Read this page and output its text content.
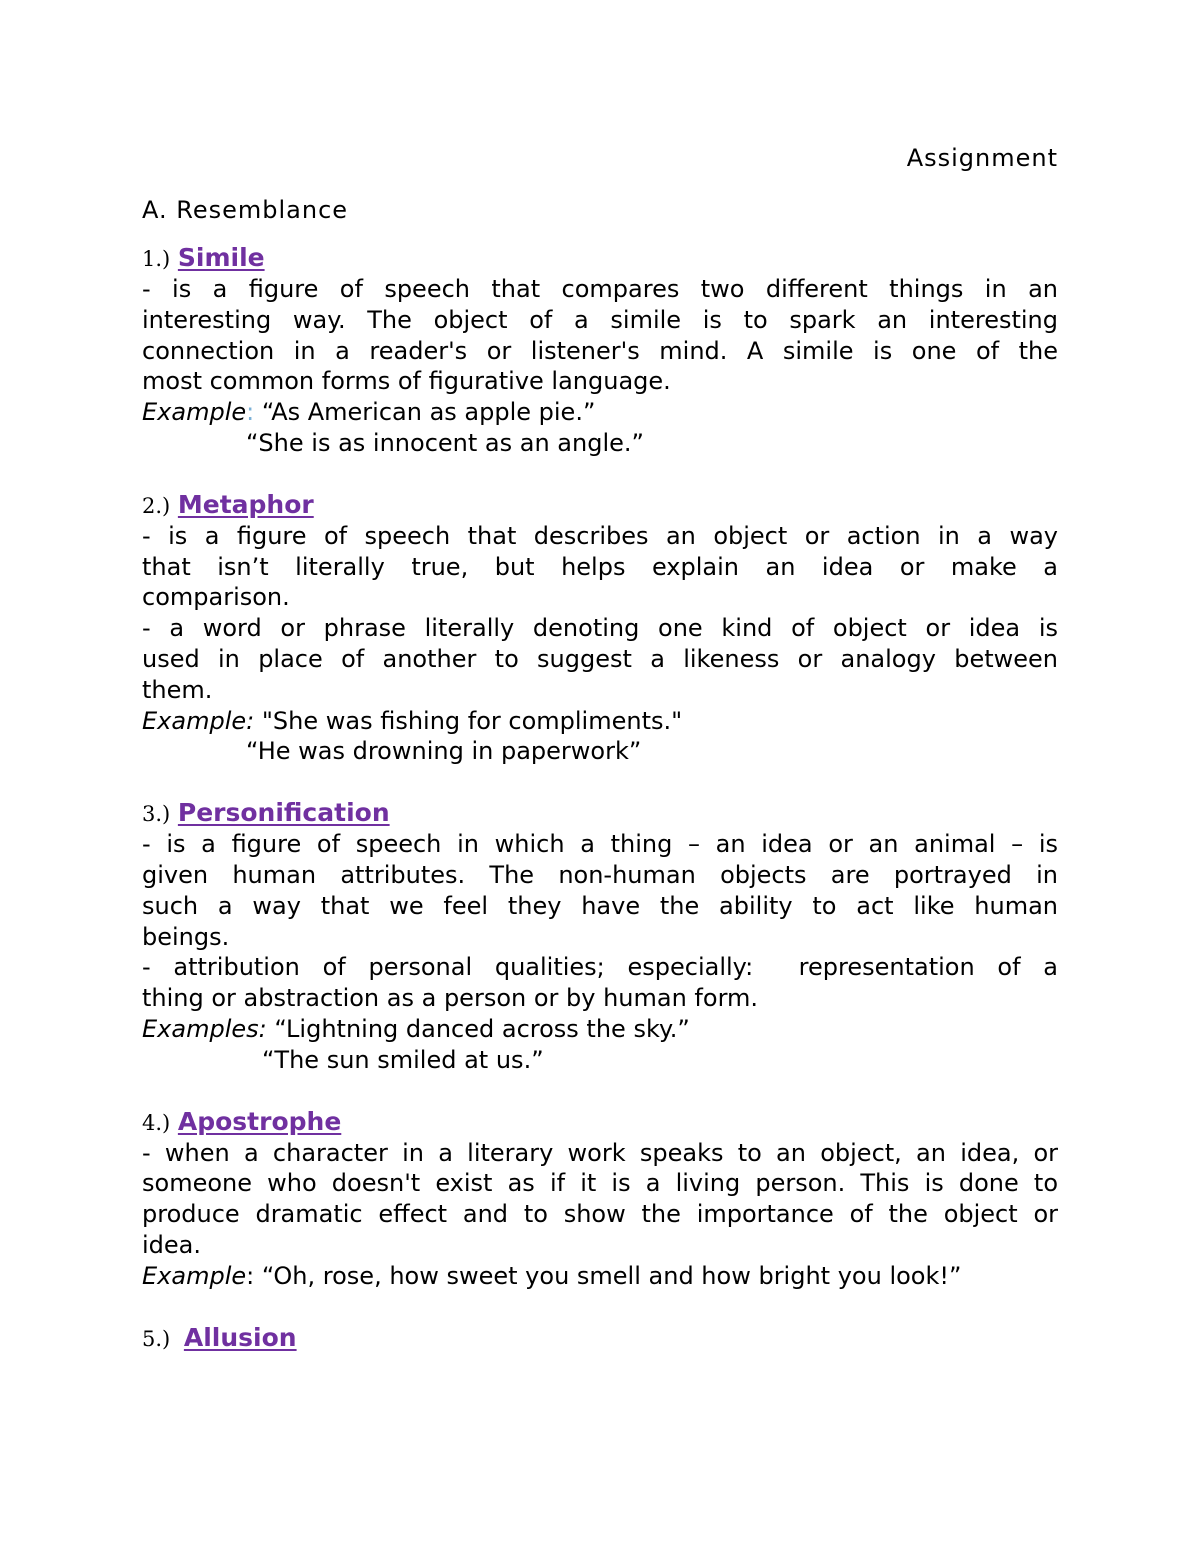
Assignment
A. Resemblance
1.) Simile
- is a figure of speech that compares two different things in an
interesting way. The object of a simile is to spark an interesting
connection in a reader's or listener's mind. A simile is one of the
most common forms of figurative language.
Example: “As American as apple pie.”
“She is as innocent as an angle.”
2.) Metaphor
- is a figure of speech that describes an object or action in a way
that isn’t literally true, but helps explain an idea or make a
comparison.
- a word or phrase literally denoting one kind of object or idea is
used in place of another to suggest a likeness or analogy between
them.
Example: "She was fishing for compliments."
“He was drowning in paperwork”
3.) Personification
- is a figure of speech in which a thing – an idea or an animal – is
given human attributes. The non-human objects are portrayed in
such a way that we feel they have the ability to act like human
beings.
- attribution of personal qualities; especially:  representation of a
thing or abstraction as a person or by human form.
Examples: “Lightning danced across the sky.”
“The sun smiled at us.”
4.) Apostrophe
- when a character in a literary work speaks to an object, an idea, or
someone who doesn't exist as if it is a living person. This is done to
produce dramatic effect and to show the importance of the object or
idea.
Example: “Oh, rose, how sweet you smell and how bright you look!”
5.) Allusion
